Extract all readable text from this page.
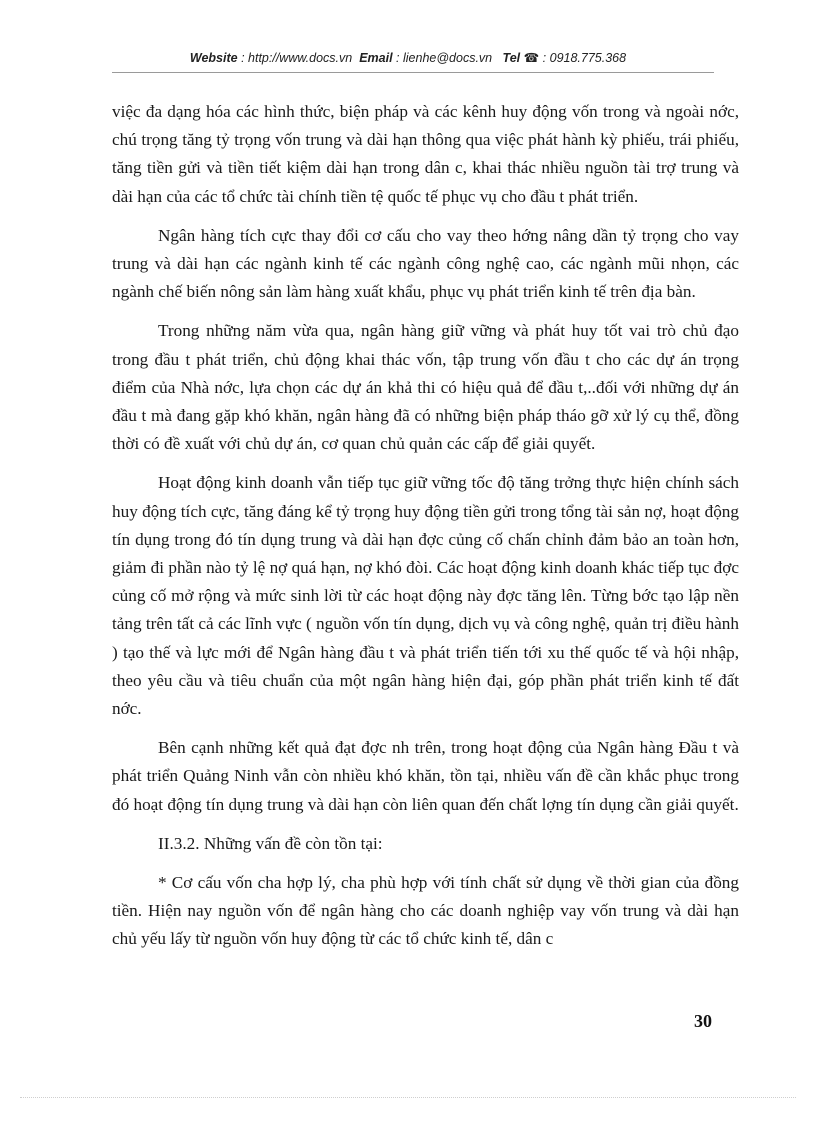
Website : http://www.docs.vn Email : lienhe@docs.vn Tel ☎ : 0918.775.368

việc đa dạng hóa các hình thức, biện pháp và các kênh huy động vốn trong và ngoài nớc, chú trọng tăng tỷ trọng vốn trung và dài hạn thông qua việc phát hành kỳ phiếu, trái phiếu, tăng tiền gửi và tiền tiết kiệm dài hạn trong dân c, khai thác nhiều nguồn tài trợ trung và dài hạn của các tổ chức tài chính tiền tệ quốc tế phục vụ cho đầu t phát triển.

Ngân hàng tích cực thay đổi cơ cấu cho vay theo hớng nâng dần tỷ trọng cho vay trung và dài hạn các ngành kinh tế các ngành công nghệ cao, các ngành mũi nhọn, các ngành chế biến nông sản làm hàng xuất khẩu, phục vụ phát triển kinh tế trên địa bàn.

Trong những năm vừa qua, ngân hàng giữ vững và phát huy tốt vai trò chủ đạo trong đầu t phát triển, chủ động khai thác vốn, tập trung vốn đầu t cho các dự án trọng điểm của Nhà nớc, lựa chọn các dự án khả thi có hiệu quả để đầu t,..đối với những dự án đầu t mà đang gặp khó khăn, ngân hàng đã có những biện pháp tháo gỡ xử lý cụ thể, đồng thời có đề xuất với chủ dự án, cơ quan chủ quản các cấp để giải quyết.

Hoạt động kinh doanh vẫn tiếp tục giữ vững tốc độ tăng trởng thực hiện chính sách huy động tích cực, tăng đáng kể tỷ trọng huy động tiền gửi trong tổng tài sản nợ, hoạt động tín dụng trong đó tín dụng trung và dài hạn đợc củng cố chấn chỉnh đảm bảo an toàn hơn, giảm đi phần nào tỷ lệ nợ quá hạn, nợ khó đòi. Các hoạt động kinh doanh khác tiếp tục đợc củng cố mở rộng và mức sinh lời từ các hoạt động này đợc tăng lên. Từng bớc tạo lập nền tảng trên tất cả các lĩnh vực ( nguồn vốn tín dụng, dịch vụ và công nghệ, quản trị điều hành ) tạo thế và lực mới để Ngân hàng đầu t và phát triển tiến tới xu thế quốc tế và hội nhập, theo yêu cầu và tiêu chuẩn của một ngân hàng hiện đại, góp phần phát triển kinh tế đất nớc.

Bên cạnh những kết quả đạt đợc nh trên, trong hoạt động của Ngân hàng Đầu t và phát triển Quảng Ninh vẫn còn nhiều khó khăn, tồn tại, nhiều vấn đề cần khắc phục trong đó hoạt động tín dụng trung và dài hạn còn liên quan đến chất lợng tín dụng cần giải quyết.

II.3.2. Những vấn đề còn tồn tại:

* Cơ cấu vốn cha hợp lý, cha phù hợp với tính chất sử dụng về thời gian của đồng tiền. Hiện nay nguồn vốn để ngân hàng cho các doanh nghiệp vay vốn trung và dài hạn chủ yếu lấy từ nguồn vốn huy động từ các tổ chức kinh tế, dân c

30
